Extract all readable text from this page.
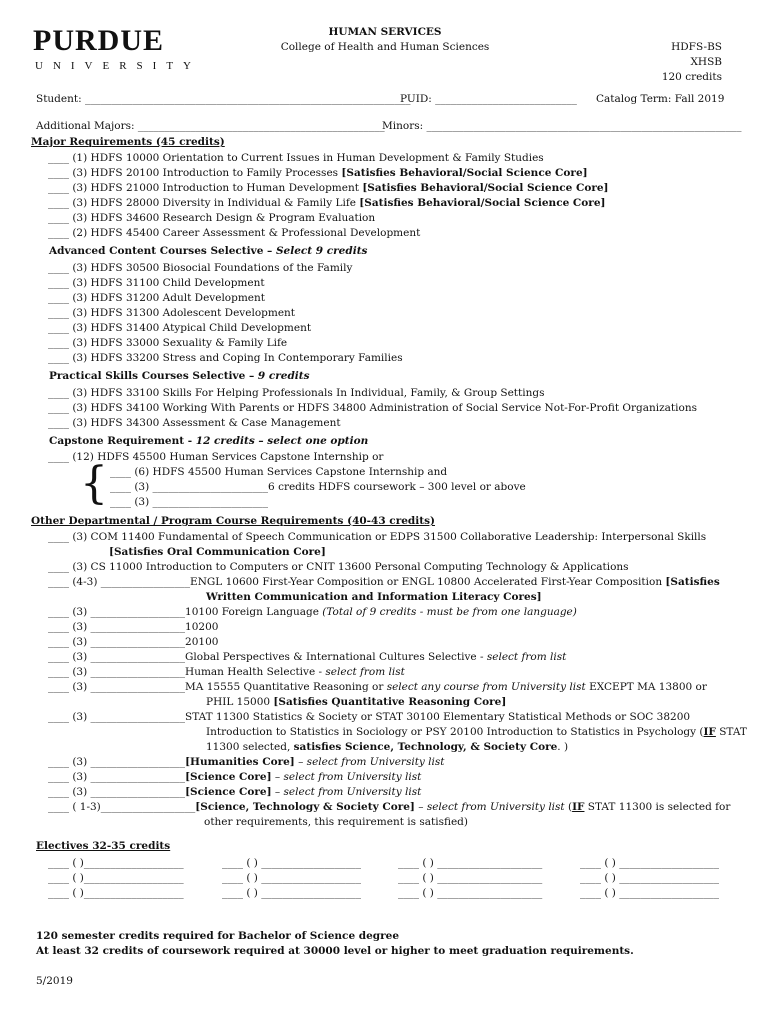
PURDUE
UNIVERSITY
HUMAN SERVICES
College of Health and Human Sciences	HDFS-BS
XHSB
120 credits
Student: ______________________________________________________________
PUID: ___________________________ Catalog Term: Fall 2019
Additional Majors: _______________________________________________
Minors: ____________________________________________________________
Major Requirements (45 credits)
____ (1) HDFS 10000 Orientation to Current Issues in Human Development & Family Studies
____ (3) HDFS 20100 Introduction to Family Processes [Satisfies Behavioral/Social Science Core]
____ (3) HDFS 21000 Introduction to Human Development [Satisfies Behavioral/Social Science Core]
____ (3) HDFS 28000 Diversity in Individual & Family Life [Satisfies Behavioral/Social Science Core]
____ (3) HDFS 34600 Research Design & Program Evaluation
____ (2) HDFS 45400 Career Assessment & Professional Development
Advanced Content Courses Selective – Select 9 credits
____ (3) HDFS 30500 Biosocial Foundations of the Family
____ (3) HDFS 31100 Child Development
____ (3) HDFS 31200 Adult Development
____ (3) HDFS 31300 Adolescent Development
____ (3) HDFS 31400 Atypical Child Development
____ (3) HDFS 33000 Sexuality & Family Life
____ (3) HDFS 33200 Stress and Coping In Contemporary Families
Practical Skills Courses Selective – 9 credits
____ (3) HDFS 33100 Skills For Helping Professionals In Individual, Family, & Group Settings
____ (3) HDFS 34100 Working With Parents or HDFS 34800 Administration of Social Service Not-For-Profit Organizations
____ (3) HDFS 34300 Assessment & Case Management
Capstone Requirement - 12 credits – select one option
____ (12) HDFS 45500 Human Services Capstone Internship or
{ ____ (6) HDFS 45500 Human Services Capstone Internship and
____ (3) ______________________6 credits HDFS coursework – 300 level or above
____ (3) ______________________
Other Departmental / Program Course Requirements (40-43 credits)
____ (3) COM 11400 Fundamental of Speech Communication or EDPS 31500 Collaborative Leadership: Interpersonal Skills
[Satisfies Oral Communication Core]
____ (3) CS 11000 Introduction to Computers or CNIT 13600 Personal Computing Technology & Applications
____ (4-3) _________________ENGL 10600 First-Year Composition or ENGL 10800 Accelerated First-Year Composition [Satisfies
Written Communication and Information Literacy Cores]
____ (3) __________________10100 Foreign Language (Total of 9 credits - must be from one language)
____ (3) __________________10200
____ (3) __________________20100
____ (3) __________________Global Perspectives & International Cultures Selective - select from list
____ (3) __________________Human Health Selective - select from list
____ (3) __________________MA 15555 Quantitative Reasoning or select any course from University list EXCEPT MA 13800 or
PHIL 15000 [Satisfies Quantitative Reasoning Core]
____ (3) __________________STAT 11300 Statistics & Society or STAT 30100 Elementary Statistical Methods or SOC 38200
Introduction to Statistics in Sociology or PSY 20100 Introduction to Statistics in Psychology (IF STAT
11300 selected, satisfies Science, Technology, & Society Core. )
____ (3) __________________[Humanities Core] – select from University list
____ (3) __________________[Science Core] – select from University list
____ (3) __________________[Science Core] – select from University list
____ ( 1-3)__________________[Science, Technology & Society Core] – select from University list (IF STAT 11300 is selected for
other requirements, this requirement is satisfied)
Electives 32-35 credits
____ ( )___________________
____ ( )___________________
____ ( )___________________
____ ( ) ___________________
____ ( ) ___________________
____ ( ) ___________________
____ ( ) ____________________
____ ( ) ____________________
____ ( ) ____________________
____ ( ) ___________________
____ ( ) ___________________
____ ( ) ___________________
120 semester credits required for Bachelor of Science degree
At least 32 credits of coursework required at 30000 level or higher to meet graduation requirements.
5/2019
